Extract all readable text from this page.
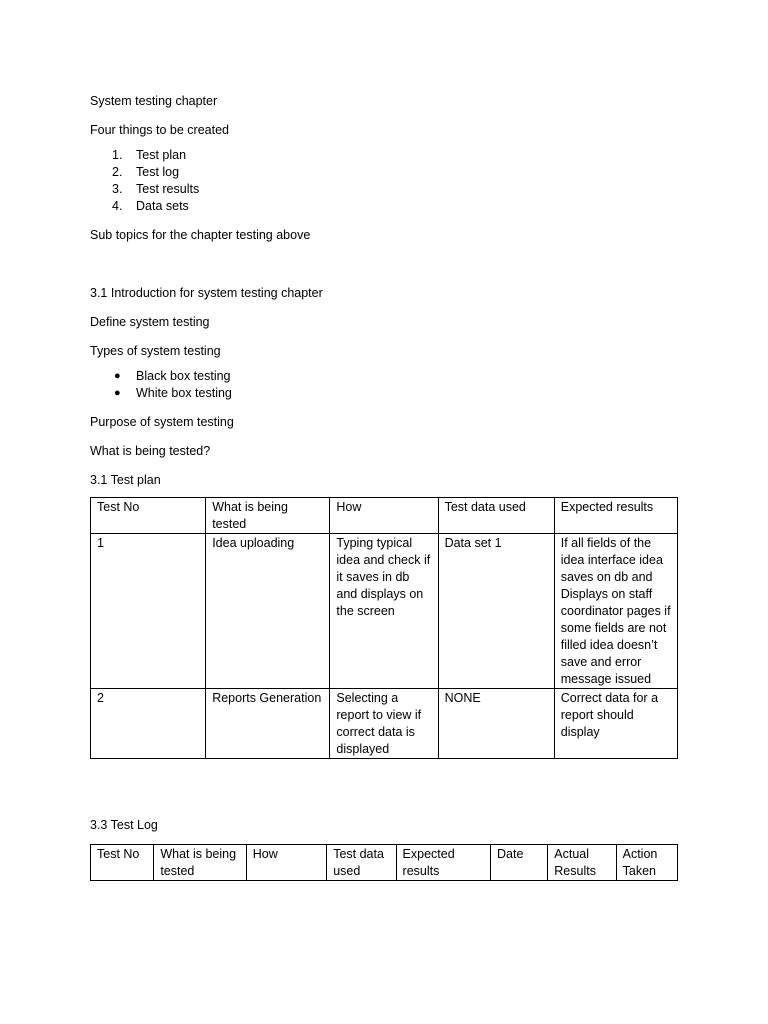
System testing chapter

Four things to be created

1. Test plan
2. Test log
3. Test results
4. Data sets

Sub topics for the chapter testing above

3.1 Introduction for system testing chapter

Define system testing

Types of system testing

● Black box testing
● White box testing

Purpose of system testing

What is being tested?

3.1 Test plan

Test No	What is being tested	How	Test data used	Expected results
1	Idea uploading	Typing typical idea and check if it saves in db and displays on the screen	Data set 1	If all fields of the idea interface idea saves on db and Displays on staff coordinator pages if some fields are not filled idea doesn’t save and error message issued
2	Reports Generation	Selecting a report to view if correct data is displayed	NONE	Correct data for a report should display

3.3 Test Log

Test No	What is being tested	How	Test data used	Expected results	Date	Actual Results	Action Taken
